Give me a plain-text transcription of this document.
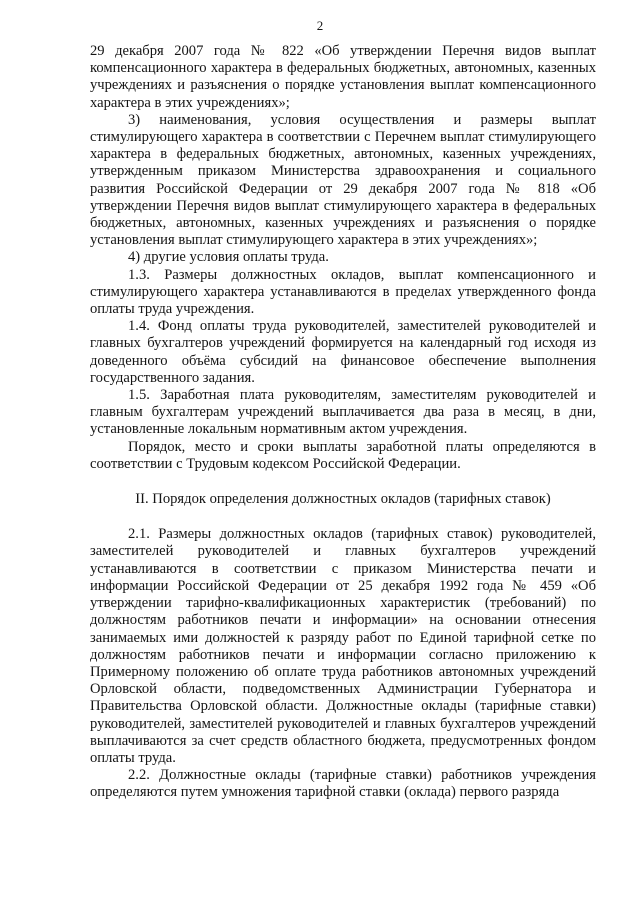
2

29 декабря 2007 года № 822 «Об утверждении Перечня видов выплат компенсационного характера в федеральных бюджетных, автономных, казенных учреждениях и разъяснения о порядке установления выплат компенсационного характера в этих учреждениях»;

3) наименования, условия осуществления и размеры выплат стимулирующего характера в соответствии с Перечнем выплат стимулирующего характера в федеральных бюджетных, автономных, казенных учреждениях, утвержденным приказом Министерства здравоохранения и социального развития Российской Федерации от 29 декабря 2007 года № 818 «Об утверждении Перечня видов выплат стимулирующего характера в федеральных бюджетных, автономных, казенных учреждениях и разъяснения о порядке установления выплат стимулирующего характера в этих учреждениях»;

4) другие условия оплаты труда.

1.3. Размеры должностных окладов, выплат компенсационного и стимулирующего характера устанавливаются в пределах утвержденного фонда оплаты труда учреждения.

1.4. Фонд оплаты труда руководителей, заместителей руководителей и главных бухгалтеров учреждений формируется на календарный год исходя из доведенного объёма субсидий на финансовое обеспечение выполнения государственного задания.

1.5. Заработная плата руководителям, заместителям руководителей и главным бухгалтерам учреждений выплачивается два раза в месяц, в дни, установленные локальным нормативным актом учреждения.

Порядок, место и сроки выплаты заработной платы определяются в соответствии с Трудовым кодексом Российской Федерации.

II. Порядок определения должностных окладов (тарифных ставок)

2.1. Размеры должностных окладов (тарифных ставок) руководителей, заместителей руководителей и главных бухгалтеров учреждений устанавливаются в соответствии с приказом Министерства печати и информации Российской Федерации от 25 декабря 1992 года № 459 «Об утверждении тарифно-квалификационных характеристик (требований) по должностям работников печати и информации» на основании отнесения занимаемых ими должностей к разряду работ по Единой тарифной сетке по должностям работников печати и информации согласно приложению к Примерному положению об оплате труда работников автономных учреждений Орловской области, подведомственных Администрации Губернатора и Правительства Орловской области. Должностные оклады (тарифные ставки) руководителей, заместителей руководителей и главных бухгалтеров учреждений выплачиваются за счет средств областного бюджета, предусмотренных фондом оплаты труда.

2.2. Должностные оклады (тарифные ставки) работников учреждения определяются путем умножения тарифной ставки (оклада) первого разряда
